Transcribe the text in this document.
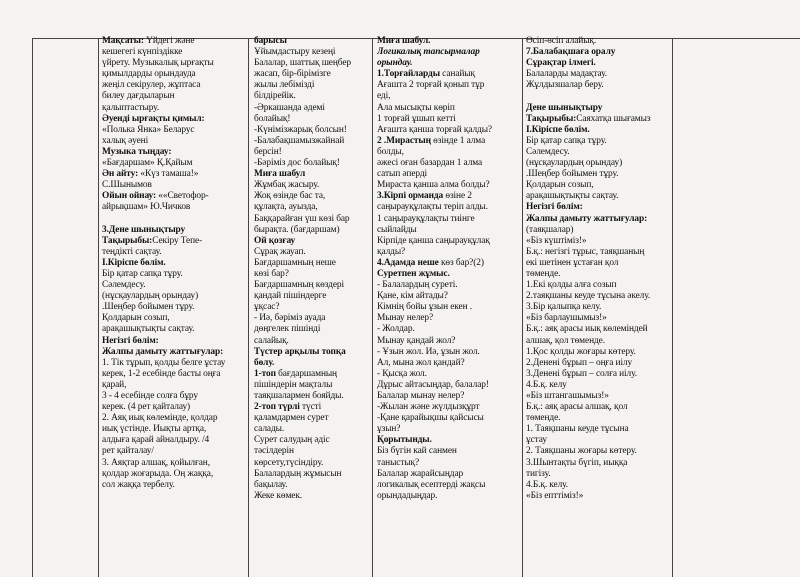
Мақсаты: Үйдегі және
кешегегі күнпіздікке
үйрету. Музыкалық ырғақты
қимылдарды орындауда
жеңіл секірулер, жұптаса
билеу дағдыларын
қалыптастыру.
Әуенді ырғақты қимыл:
«Полька Янка» Беларус
халық әуені
Музыка тыңдау:
«Бағдаршам» Қ.Қайым
Ән айту: «Күз тамаша!»
С.Шынымов
Ойын ойнау: ««Светофор-
айрықшам» Ю.Чичков

3.Дене шынықтыру
Тақырыбы:Секіру Тепе-
теңдікті сақтау.
I.Кіріспе бөлім.
Бір қатар сапқа тұру.
Сәлемдесу.
(нұсқаулардың орындау)
.Шеңбер бойымен тұру.
Қолдарын созып,
арақашықтықты сақтау.
Негізгі бөлім:
Жалпы дамыту жаттығулар:
1. Тік тұрып, қолды белге ұстау
керек, 1-2 есебінде басты оңға
қарай,
3 - 4 есебінде солға бұру
керек. (4 рет қайталау)
2. Аяқ иық көлемінде, қолдар
иық үстінде. Иықты артқа,
алдыға қарай айналдыру. /4
рет қайталау/
3. Аяқтар алшақ, қойылған,
қолдар жоғарыда. Оң жаққа,
сол жаққа тербелу.
барысы
Ұйымдастыру кезеңі
Балалар, шаттық шеңбер
жасап, бір-бірімізге
жылы лебімізді
білдірейік.
-Әркашанда әдемі
болайық!
-Күнімізжарық болсын!
-Балабақшамызжайнай
берсін!
-Бәріміз дос болайық!
Миға шабул
Жұмбақ жасыру.
Жоқ өзінде бас та,
құлақта, ауызда,
Баққарайған үш көзі бар
бырақта. (бағдаршам)
Ой қозғау
Сұрақ жауап.
Бағдаршамның неше
көзі бар?
Бағдаршамның көздері
қандай пішіндерге
ұқсас?
- Иә, бәріміз ауада
дөңгелек пішінді
салайық.
Түстер арқылы топқа
бөлу.
1-топ бағдаршамның
пішіндерін мақталы
таяқшалармен бояйды.
2-топ түрлі түсті
қаламдармен сурет
салады.
Сурет салудың әдіс
тәсілдерін
көрсету,түсіндіру.
Балалардың жұмысын
бақылау.
Жеке көмек.
Миға шабул.
Логикалық тапсырмалар
орындау.
1.Торғайларды санайық
Ағашта 2 торғай қонып тұр
еді,
Ала мысықты көріп
1 торғай ұшып кетті
Ағашта қанша торғай қалды?
2 .Мирастың өзінде 1 алма
болды,
әжесі оған базардан 1 алма
сатып әперді
Мираста қанша алма болды?
3.Кірпі орманда өзіне 2
саңырауқұлақты теріп алды.
1 саңырауқұлақты тиінге
сыйлайды
Кірпіде қанша саңырауқұлақ
қалды?
4.Адамда неше көз бар?(2)
Суретпен жұмыс.
- Балалардың суреті.
Қане, кім айтады?
Кімнің бойы ұзын екен .
Мынау нелер?
- Жолдар.
Мынау қандай жол?
- Ұзын жол. Иә, ұзын жол.
Ал, мына жол қандай?
- Қысқа жол.
Дұрыс айтасыңдар, балалар!
Балалар мынау нелер?
-Жылан және жүлдызқұрт
-Қане қарайықшы қайсысы
ұзын?
Қорытынды.
Біз бүгін кай санмен
таныстық?
Балалар жарайсыңдар
логикалық есептерді жақсы
орындадыңдар.
Өсіп-өсіп алайық.
7.Балабақшаға оралу
Сұрақтар ілмегі.
Балаларды мадақтау.
Жұлдызшалар беру.

Дене шынықтыру
Тақырыбы:Саяхатқа шығамыз
I.Кіріспе бөлім.
Бір қатар сапқа тұру.
Сәлемдесу.
(нұсқаулардың орындау)
.Шеңбер бойымен тұру.
Қолдарын созып,
арақашықтықты сақтау.
Негізгі бөлім:
Жалпы дамыту жаттығулар:
(таяқшалар)
«Біз күштіміз!»
Б.қ.: негізгі тұрыс, таяқшаның
екі шетінен ұстаған қол
төменде.
1.Екі қолды алға созып
2.таяқшаны кеуде тұсына әкелу.
3.Бір қалыпқа келу.
«Біз барлаушымыз!»
Б.қ.: аяқ арасы иық көлеміндей
алшақ, қол төменде.
1.Қос қолды жоғары көтеру.
2.Денені бұрып – оңға иілу
3.Денені бұрып – солға иілу.
4.Б.қ. келу
«Біз штангашымыз!»
Б.қ.: аяқ арасы алшақ, қол
төменде.
1. Таяқшаны кеуде тұсына
ұстау
2. Таяқшаны жоғары көтеру.
3.Шынтақты бүгіп, иыққа
тигізу.
4.Б.қ. келу.
«Біз епттіміз!»
